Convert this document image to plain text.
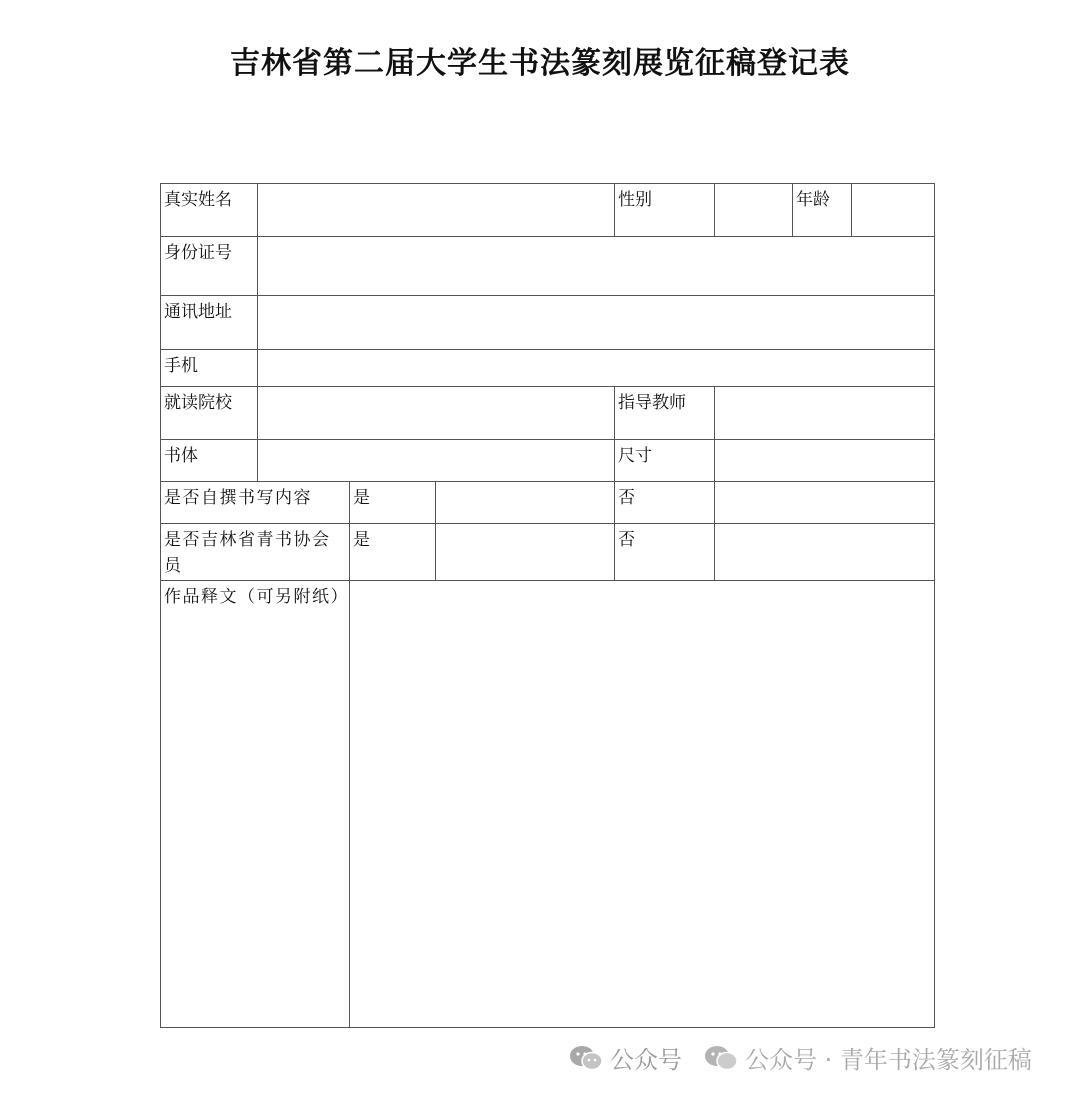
吉林省第二届大学生书法篆刻展览征稿登记表
真实姓名				性别		年龄	
身份证号							
通讯地址							
手机							
就读院校				指导教师			
书体				尺寸			
是否自撰书写内容		是		否			
是否吉林省青书协会员		是		否			
作品释文（可另附纸）							
公众号	公众号 · 青年书法篆刻征稿
